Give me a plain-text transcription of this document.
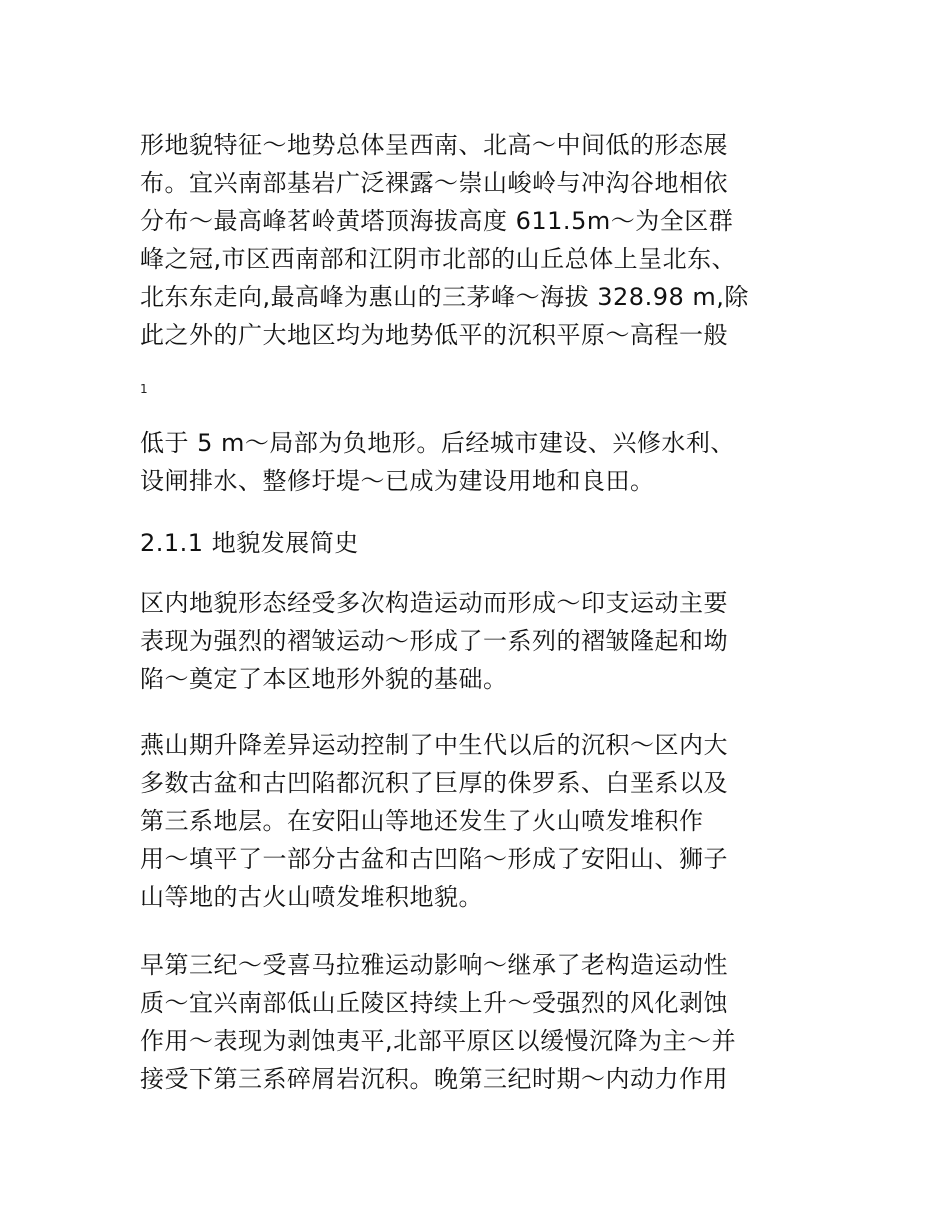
形地貌特征～地势总体呈西南、北高～中间低的形态展
布。宜兴南部基岩广泛裸露～崇山峻岭与冲沟谷地相依
分布～最高峰茗岭黄塔顶海拔高度 611.5m～为全区群
峰之冠,市区西南部和江阴市北部的山丘总体上呈北东、
北东东走向,最高峰为惠山的三茅峰～海拔 328.98 m,除
此之外的广大地区均为地势低平的沉积平原～高程一般
1
低于 5 m～局部为负地形。后经城市建设、兴修水利、
设闸排水、整修圩堤～已成为建设用地和良田。
2.1.1 地貌发展简史
区内地貌形态经受多次构造运动而形成～印支运动主要
表现为强烈的褶皱运动～形成了一系列的褶皱隆起和坳
陷～奠定了本区地形外貌的基础。
燕山期升降差异运动控制了中生代以后的沉积～区内大
多数古盆和古凹陷都沉积了巨厚的侏罗系、白垩系以及
第三系地层。在安阳山等地还发生了火山喷发堆积作
用～填平了一部分古盆和古凹陷～形成了安阳山、狮子
山等地的古火山喷发堆积地貌。
早第三纪～受喜马拉雅运动影响～继承了老构造运动性
质～宜兴南部低山丘陵区持续上升～受强烈的风化剥蚀
作用～表现为剥蚀夷平,北部平原区以缓慢沉降为主～并
接受下第三系碎屑岩沉积。晚第三纪时期～内动力作用
